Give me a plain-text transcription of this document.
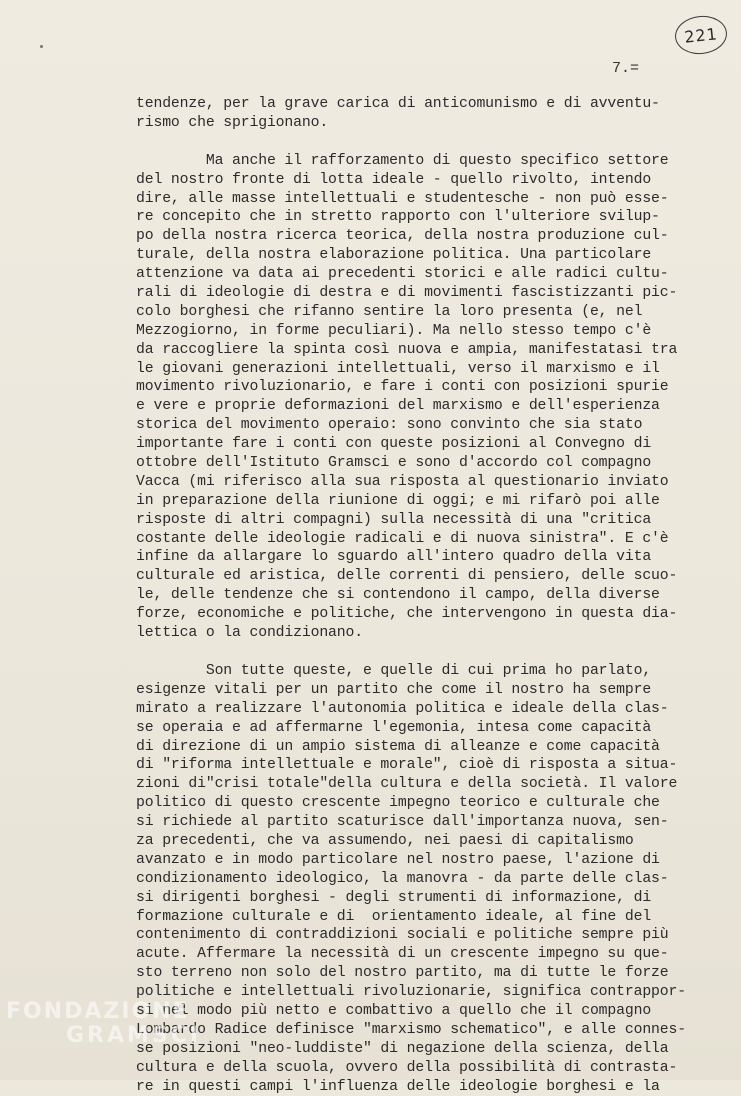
221
7.=
tendenze, per la grave carica di anticomunismo e di avventu-
rismo che sprigionano.
Ma anche il rafforzamento di questo specifico settore
del nostro fronte di lotta ideale - quello rivolto, intendo
dire, alle masse intellettuali e studentesche - non può esse-
re concepito che in stretto rapporto con l'ulteriore svilup-
po della nostra ricerca teorica, della nostra produzione cul-
turale, della nostra elaborazione politica. Una particolare
attenzione va data ai precedenti storici e alle radici cultu-
rali di ideologie di destra e di movimenti fascistizzanti pic-
colo borghesi che rifanno sentire la loro presenta (e, nel
Mezzogiorno, in forme peculiari). Ma nello stesso tempo c'è
da raccogliere la spinta così nuova e ampia, manifestatasi tra
le giovani generazioni intellettuali, verso il marxismo e il
movimento rivoluzionario, e fare i conti con posizioni spurie
e vere e proprie deformazioni del marxismo e dell'esperienza
storica del movimento operaio: sono convinto che sia stato
importante fare i conti con queste posizioni al Convegno di
ottobre dell'Istituto Gramsci e sono d'accordo col compagno
Vacca (mi riferisco alla sua risposta al questionario inviato
in preparazione della riunione di oggi; e mi rifarò poi alle
risposte di altri compagni) sulla necessità di una "critica
costante delle ideologie radicali e di nuova sinistra". E c'è
infine da allargare lo sguardo all'intero quadro della vita
culturale ed aristica, delle correnti di pensiero, delle scuo-
le, delle tendenze che si contendono il campo, della diverse
forze, economiche e politiche, che intervengono in questa dia-
lettica o la condizionano.
Son tutte queste, e quelle di cui prima ho parlato,
esigenze vitali per un partito che come il nostro ha sempre
mirato a realizzare l'autonomia politica e ideale della clas-
se operaia e ad affermarne l'egemonia, intesa come capacità
di direzione di un ampio sistema di alleanze e come capacità
di "riforma intellettuale e morale", cioè di risposta a situa-
zioni di"crisi totale"della cultura e della società. Il valore
politico di questo crescente impegno teorico e culturale che
si richiede al partito scaturisce dall'importanza nuova, sen-
za precedenti, che va assumendo, nei paesi di capitalismo
avanzato e in modo particolare nel nostro paese, l'azione di
condizionamento ideologico, la manovra - da parte delle clas-
si dirigenti borghesi - degli strumenti di informazione, di
formazione culturale e di  orientamento ideale, al fine del
contenimento di contraddizioni sociali e politiche sempre più
acute. Affermare la necessità di un crescente impegno su que-
sto terreno non solo del nostro partito, ma di tutte le forze
politiche e intellettuali rivoluzionarie, significa contrappor-
si nel modo più netto e combattivo a quello che il compagno
Lombardo Radice definisce "marxismo schematico", e alle connes-
se posizioni "neo-luddiste" di negazione della scienza, della
cultura e della scuola, ovvero della possibilità di contrasta-
re in questi campi l'influenza delle ideologie borghesi e la
FONDAZIONE
GRAMSCI
